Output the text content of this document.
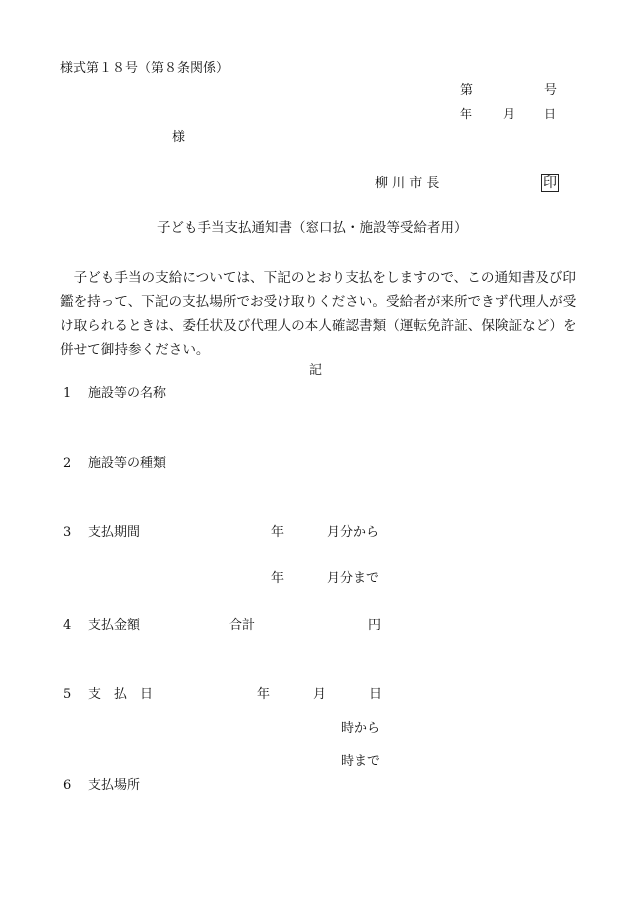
様式第１８号（第８条関係）
第	号
年	月 日
様
柳 川 市 長	印
子ども手当支払通知書（窓口払・施設等受給者用）

子ども手当の支給については、下記のとおり支払をしますので、この通知書及び印鑑を持って、下記の支払場所でお受け取りください。受給者が来所できず代理人が受け取られるときは、委任状及び代理人の本人確認書類（運転免許証、保険証など）を併せて御持参ください。

記
1 施設等の名称
2 施設等の種類
3 支払期間	年	月分から
年	月分まで
4 支払金額	合計	円
5 支　払　日	年	月	日
時から
時まで
6 支払場所
